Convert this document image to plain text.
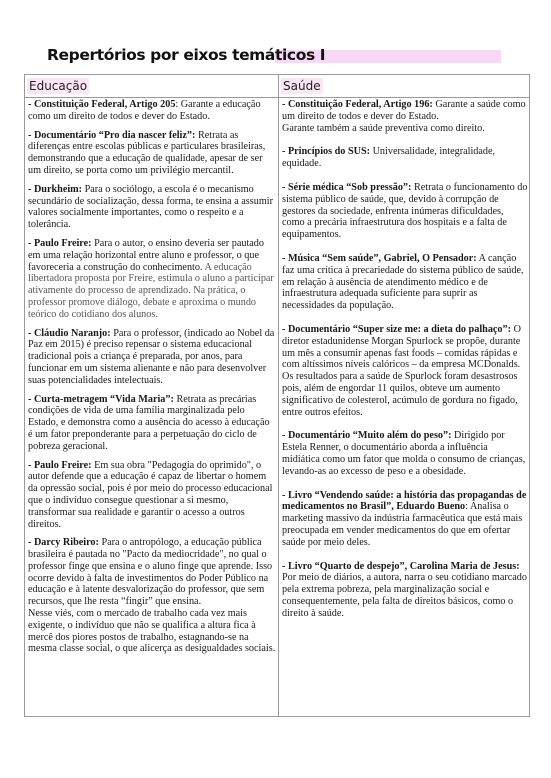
Repertórios por eixos temáticos I
Educação	Saúde
- Constituição Federal, Artigo 205: Garante a educação como um direito de todos e dever do Estado.
- Documentário “Pro dia nascer feliz”: Retrata as diferenças entre escolas públicas e particulares brasileiras, demonstrando que a educação de qualidade, apesar de ser um direito, se porta como um privilégio mercantil.
- Durkheim: Para o sociólogo, a escola é o mecanismo secundário de socialização, dessa forma, te ensina a assumir valores socialmente importantes, como o respeito e a tolerância.
- Paulo Freire: Para o autor, o ensino deveria ser pautado em uma relação horizontal entre aluno e professor, o que favoreceria a construção do conhecimento. A educação libertadora proposta por Freire, estimula o aluno a participar ativamente do processo de aprendizado. Na prática, o professor promove diálogo, debate e aproxima o mundo teórico do cotidiano dos alunos.
- Cláudio Naranjo: Para o professor, (indicado ao Nobel da Paz em 2015) é preciso repensar o sistema educacional tradicional pois a criança é preparada, por anos, para funcionar em um sistema alienante e não para desenvolver suas potencialidades intelectuais.
- Curta-metragem “Vida Maria”: Retrata as precárias condições de vida de uma família marginalizada pelo Estado, e demonstra como a ausência do acesso à educação é um fator preponderante para a perpetuação do ciclo de pobreza geracional.
- Paulo Freire: Em sua obra "Pedagogia do oprimido", o autor defende que a educação é capaz de libertar o homem da opressão social, pois é por meio do processo educacional que o indivíduo consegue questionar a si mesmo, transformar sua realidade e garantir o acesso a outros direitos.
- Darcy Ribeiro: Para o antropólogo, a educação pública brasileira é pautada no "Pacto da mediocridade", no qual o professor finge que ensina e o aluno finge que aprende. Isso ocorre devido à falta de investimentos do Poder Público na educação e à latente desvalorização do professor, que sem recursos, que lhe resta “fingir” que ensina.

Nesse viés, com o mercado de trabalho cada vez mais exigente, o indivíduo que não se qualifica a altura fica à mercê dos piores postos de trabalho, estagnando-se na mesma classe social, o que alicerça as desigualdades sociais.

- Constituição Federal, Artigo 196: Garante a saúde como um direito de todos e dever do Estado.

Garante também a saúde preventiva como direito.

- Princípios do SUS: Universalidade, integralidade, equidade.
- Série médica “Sob pressão”: Retrata o funcionamento do sistema público de saúde, que, devido à corrupção de gestores da sociedade, enfrenta inúmeras dificuldades, como a precária infraestrutura dos hospitais e a falta de equipamentos.
- Música “Sem saúde”, Gabriel, O Pensador: A canção faz uma crítica à precariedade do sistema público de saúde, em relação à ausência de atendimento médico e de infraestrutura adequada suficiente para suprir as necessidades da população.
- Documentário “Super size me: a dieta do palhaço”: O diretor estadunidense Morgan Spurlock se propõe, durante um mês a consumir apenas fast foods – comidas rápidas e com altíssimos níveis calóricos – da empresa MCDonalds. Os resultados para a saúde de Spurlock foram desastrosos pois, além de engordar 11 quilos, obteve um aumento significativo de colesterol, acúmulo de gordura no fígado, entre outros efeitos.
- Documentário “Muito além do peso”: Dirigido por Estela Renner, o documentário aborda a influência midiática como um fator que molda o consumo de crianças, levando-as ao excesso de peso e a obesidade.
- Livro “Vendendo saúde: a história das propagandas de medicamentos no Brasil”, Eduardo Bueno: Analisa o marketing massivo da indústria farmacêutica que está mais preocupada em vender medicamentos do que em ofertar saúde por meio deles.
- Livro “Quarto de despejo”, Carolina Maria de Jesus: Por meio de diários, a autora, narra o seu cotidiano marcado pela extrema pobreza, pela marginalização social e consequentemente, pela falta de direitos básicos, como o direito à saúde.
